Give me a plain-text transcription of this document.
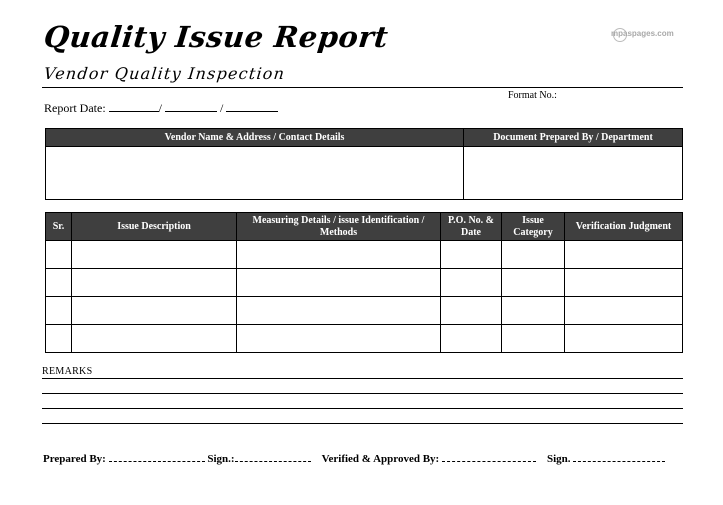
Quality Issue Report
Vendor Quality Inspection
mpaspages.com
Format No.:
Report Date:	/	/
Vendor Name & Address / Contact Details	Document Prepared By / Department

Sr.	Issue Description	Measuring Details / issue Identification / Methods	P.O. No. & Date	Issue Category	Verification Judgment

REMARKS
Prepared By:	Sign.:	Verified & Approved By:	Sign.
